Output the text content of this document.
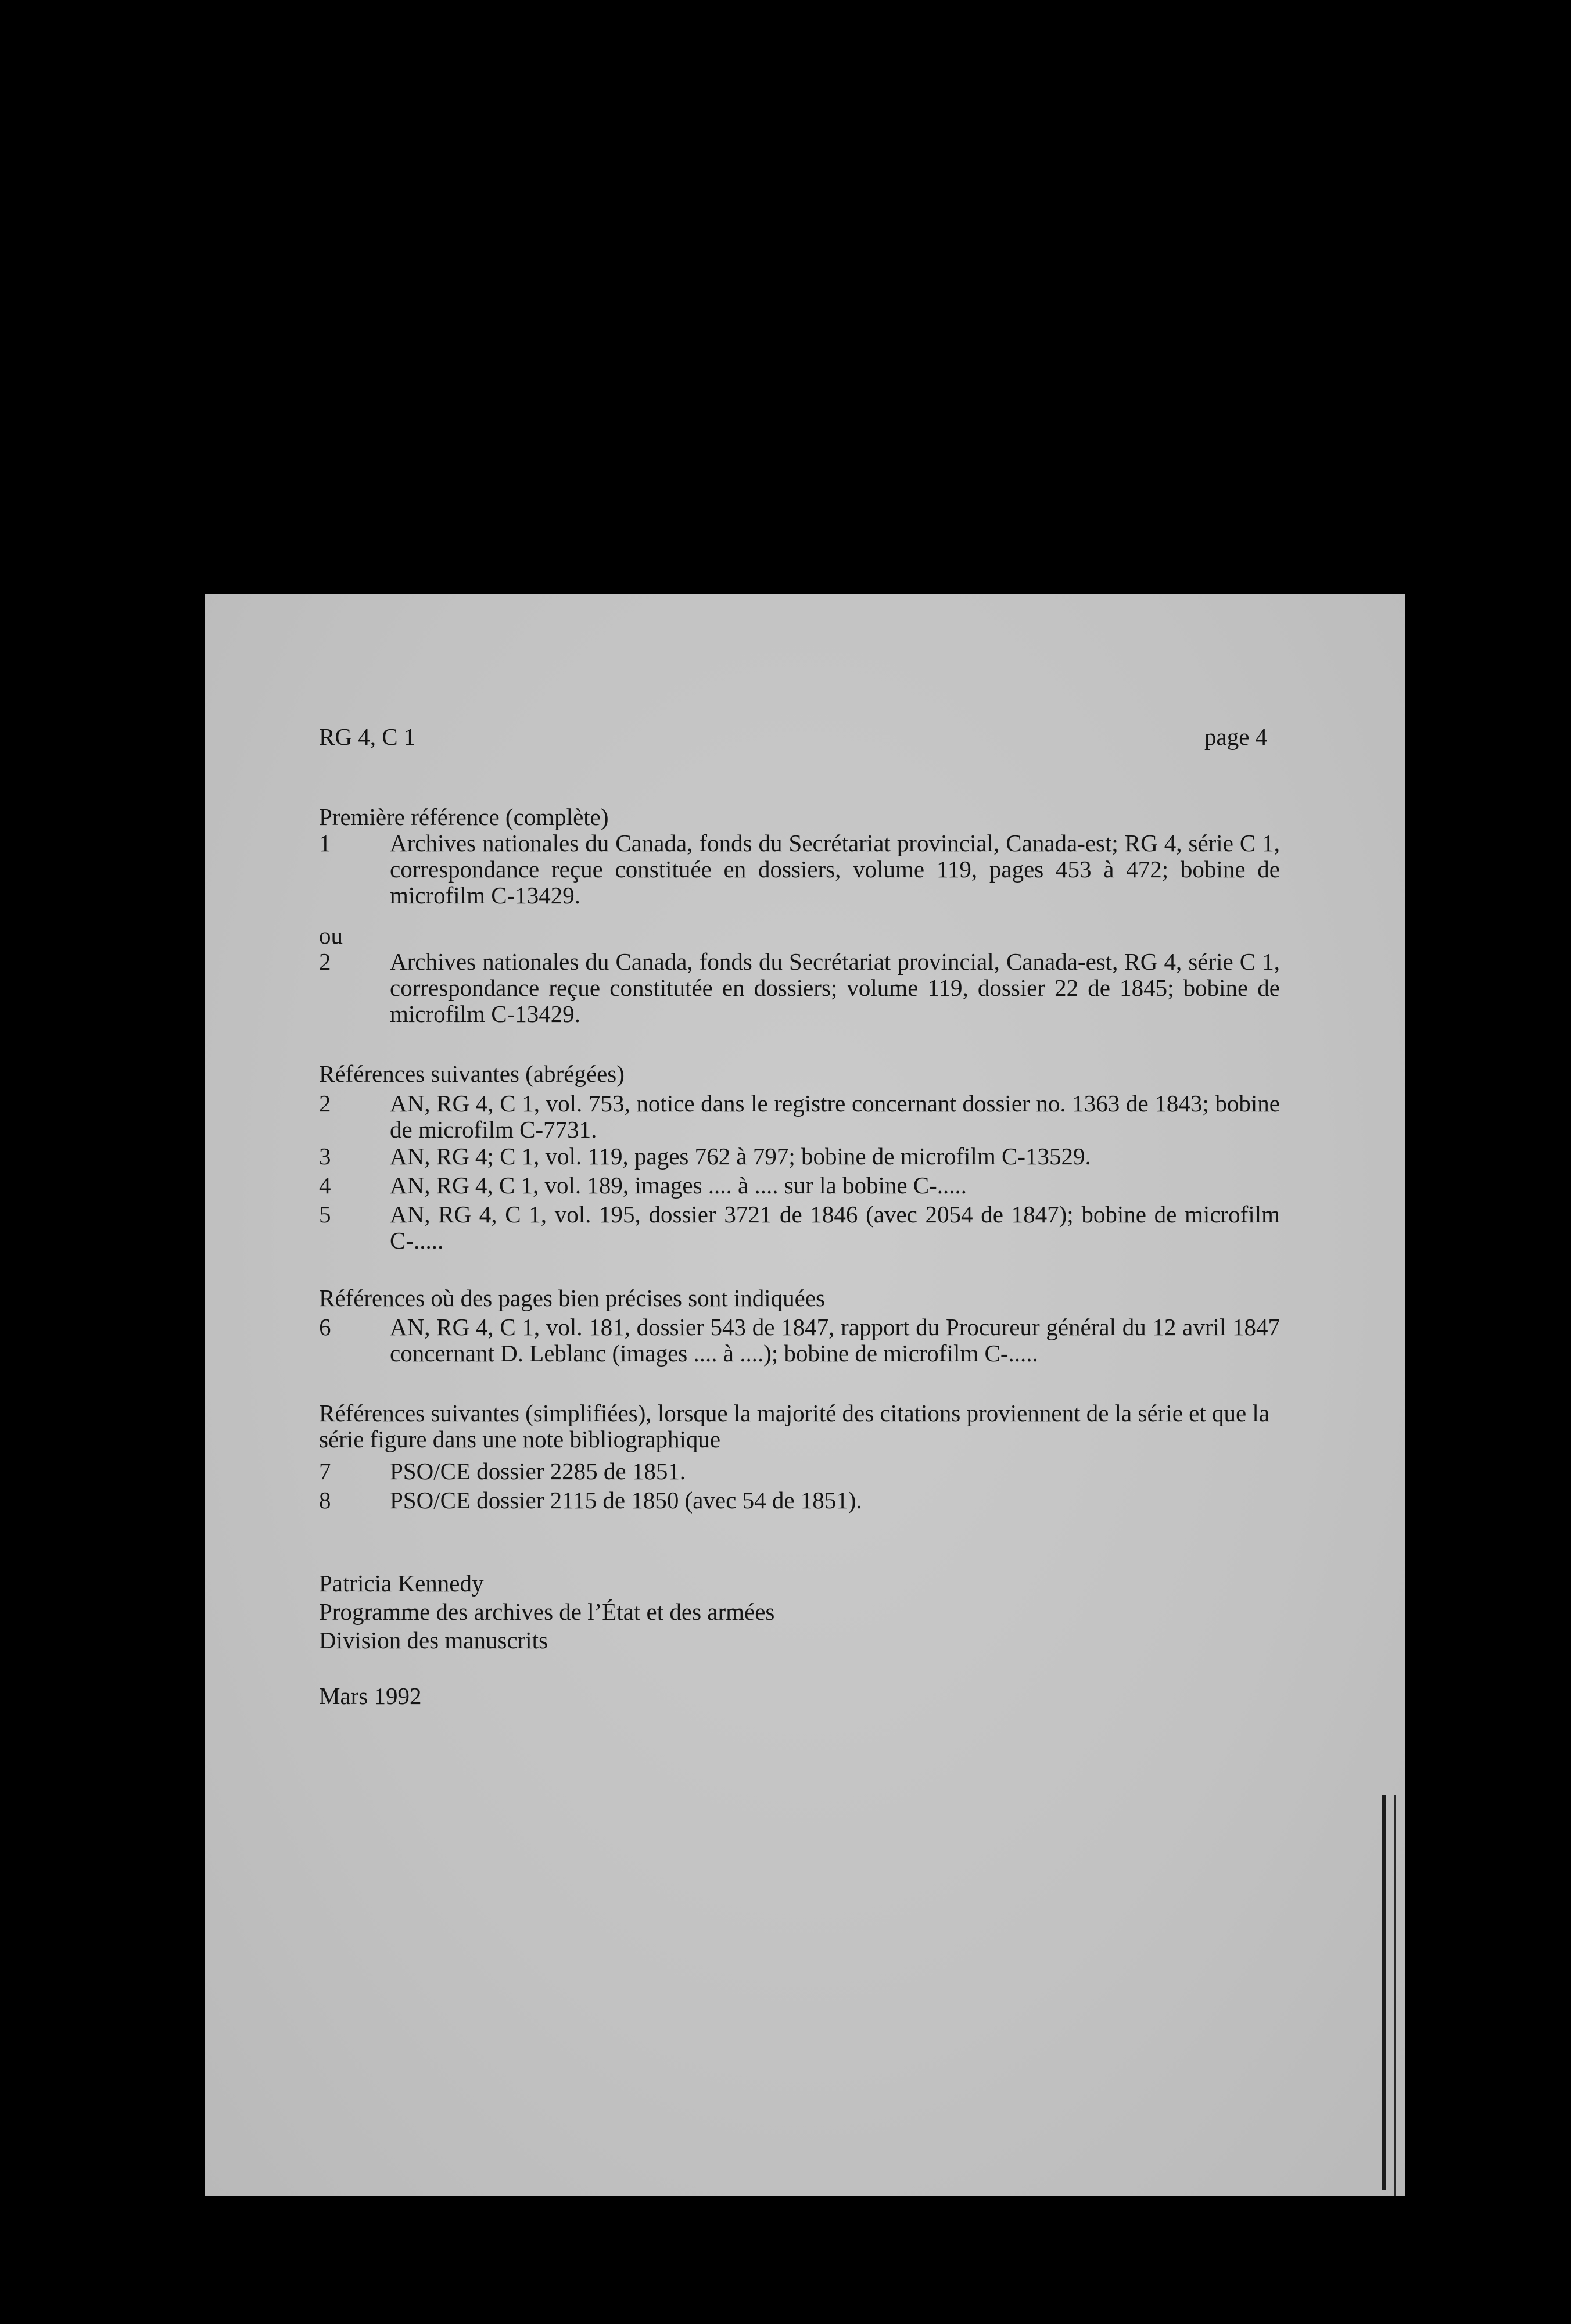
RG 4, C 1	page 4
Première référence (complète)
1 Archives nationales du Canada, fonds du Secrétariat provincial, Canada-est; RG 4, série C 1, correspondance reçue constituée en dossiers, volume 119, pages 453 à 472; bobine de microfilm C-13429.
ou
2 Archives nationales du Canada, fonds du Secrétariat provincial, Canada-est, RG 4, série C 1, correspondance reçue constitutée en dossiers; volume 119, dossier 22 de 1845; bobine de microfilm C-13429.
Références suivantes (abrégées)
2 AN, RG 4, C 1, vol. 753, notice dans le registre concernant dossier no. 1363 de 1843; bobine de microfilm C-7731.
3 AN, RG 4; C 1, vol. 119, pages 762 à 797; bobine de microfilm C-13529.
4 AN, RG 4, C 1, vol. 189, images .... à .... sur la bobine C-.....
5 AN, RG 4, C 1, vol. 195, dossier 3721 de 1846 (avec 2054 de 1847); bobine de microfilm C-.....
Références où des pages bien précises sont indiquées
6 AN, RG 4, C 1, vol. 181, dossier 543 de 1847, rapport du Procureur général du 12 avril 1847 concernant D. Leblanc (images .... à ....); bobine de microfilm C-.....
Références suivantes (simplifiées), lorsque la majorité des citations proviennent de la série et que la série figure dans une note bibliographique
7 PSO/CE dossier 2285 de 1851.
8 PSO/CE dossier 2115 de 1850 (avec 54 de 1851).
Patricia Kennedy
Programme des archives de l’État et des armées
Division des manuscrits
Mars 1992
